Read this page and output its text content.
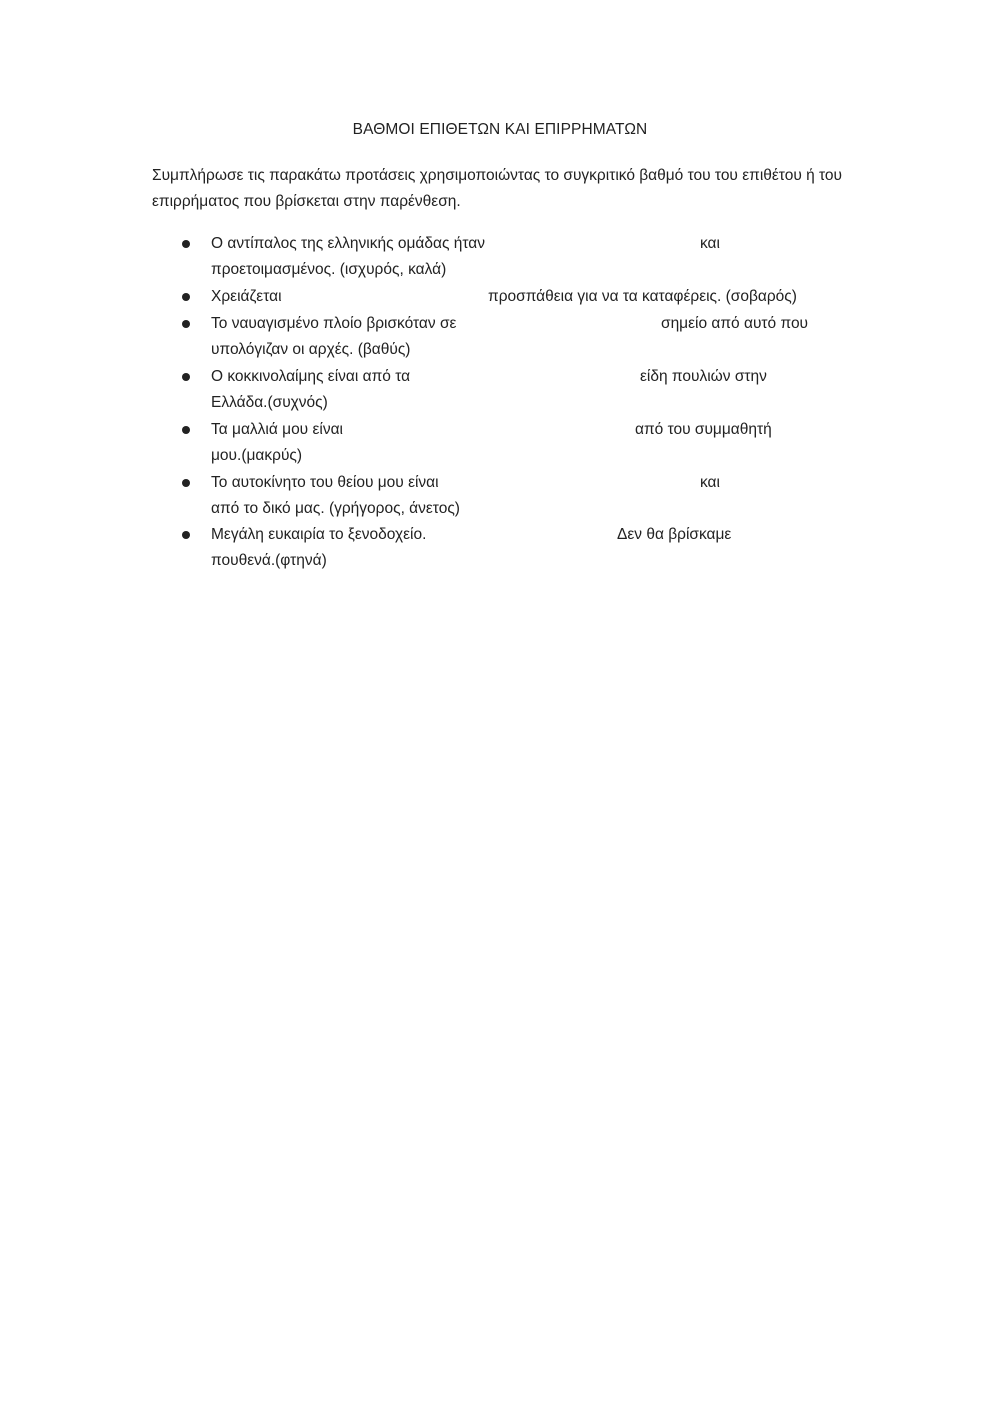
ΒΑΘΜΟΙ ΕΠΙΘΕΤΩΝ ΚΑΙ ΕΠΙΡΡΗΜΑΤΩΝ
Συμπλήρωσε τις παρακάτω προτάσεις χρησιμοποιώντας το συγκριτικό βαθμό του του επιθέτου ή του επιρρήματος που βρίσκεται στην παρένθεση.
Ο αντίπαλος της ελληνικής ομάδας ήταν	και
προετοιμασμένος. (ισχυρός, καλά)
Χρειάζεται	προσπάθεια για να τα καταφέρεις. (σοβαρός)
Το ναυαγισμένο πλοίο βρισκόταν σε	σημείο από αυτό που
υπολόγιζαν οι αρχές. (βαθύς)
Ο κοκκινολαίμης είναι από τα	είδη πουλιών στην
Ελλάδα.(συχνός)
Τα μαλλιά μου είναι	από του συμμαθητή
μου.(μακρύς)
Το αυτοκίνητο του θείου μου είναι	και
από το δικό μας. (γρήγορος, άνετος)
Μεγάλη ευκαιρία το ξενοδοχείο.	Δεν θα βρίσκαμε
πουθενά.(φτηνά)
